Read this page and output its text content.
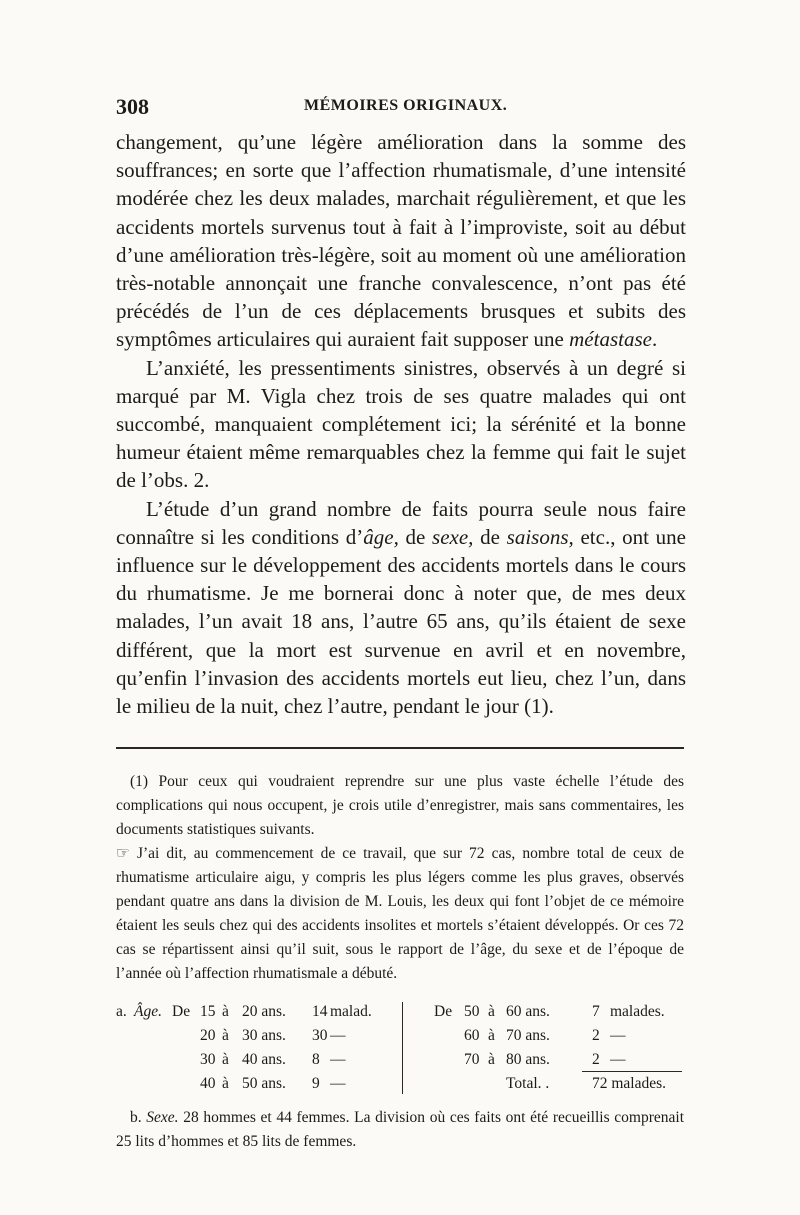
308	MÉMOIRES ORIGINAUX.

changement, qu’une légère amélioration dans la somme des souffrances; en sorte que l’affection rhumatismale, d’une intensité modérée chez les deux malades, marchait régulièrement, et que les accidents mortels survenus tout à fait à l’improviste, soit au début d’une amélioration très-légère, soit au moment où une amélioration très-notable annonçait une franche convalescence, n’ont pas été précédés de l’un de ces déplacements brusques et subits des symptômes articulaires qui auraient fait supposer une métastase.

L’anxiété, les pressentiments sinistres, observés à un degré si marqué par M. Vigla chez trois de ses quatre malades qui ont succombé, manquaient complétement ici; la sérénité et la bonne humeur étaient même remarquables chez la femme qui fait le sujet de l’obs. 2.

L’étude d’un grand nombre de faits pourra seule nous faire connaître si les conditions d’âge, de sexe, de saisons, etc., ont une influence sur le développement des accidents mortels dans le cours du rhumatisme. Je me bornerai donc à noter que, de mes deux malades, l’un avait 18 ans, l’autre 65 ans, qu’ils étaient de sexe différent, que la mort est survenue en avril et en novembre, qu’enfin l’invasion des accidents mortels eut lieu, chez l’un, dans le milieu de la nuit, chez l’autre, pendant le jour (1).

(1) Pour ceux qui voudraient reprendre sur une plus vaste échelle l’étude des complications qui nous occupent, je crois utile d’enregistrer, mais sans commentaires, les documents statistiques suivants.

☞ J’ai dit, au commencement de ce travail, que sur 72 cas, nombre total de ceux de rhumatisme articulaire aigu, y compris les plus légers comme les plus graves, observés pendant quatre ans dans la division de M. Louis, les deux qui font l’objet de ce mémoire étaient les seuls chez qui des accidents insolites et mortels s’étaient développés. Or ces 72 cas se répartissent ainsi qu’il suit, sous le rapport de l’âge, du sexe et de l’époque de l’année où l’affection rhumatismale a débuté.

a. Âge. De 15 à 20 ans. 14 malad.
20 à 30 ans. 30 —
30 à 40 ans. 8 —
40 à 50 ans. 9 —
De 50 à 60 ans.	7 malades.
60 à 70 ans.	2 —
70 à 80 ans.	2 —
Total. .	72 malades.

b. Sexe. 28 hommes et 44 femmes. La division où ces faits ont été recueillis comprenait 25 lits d’hommes et 85 lits de femmes.
